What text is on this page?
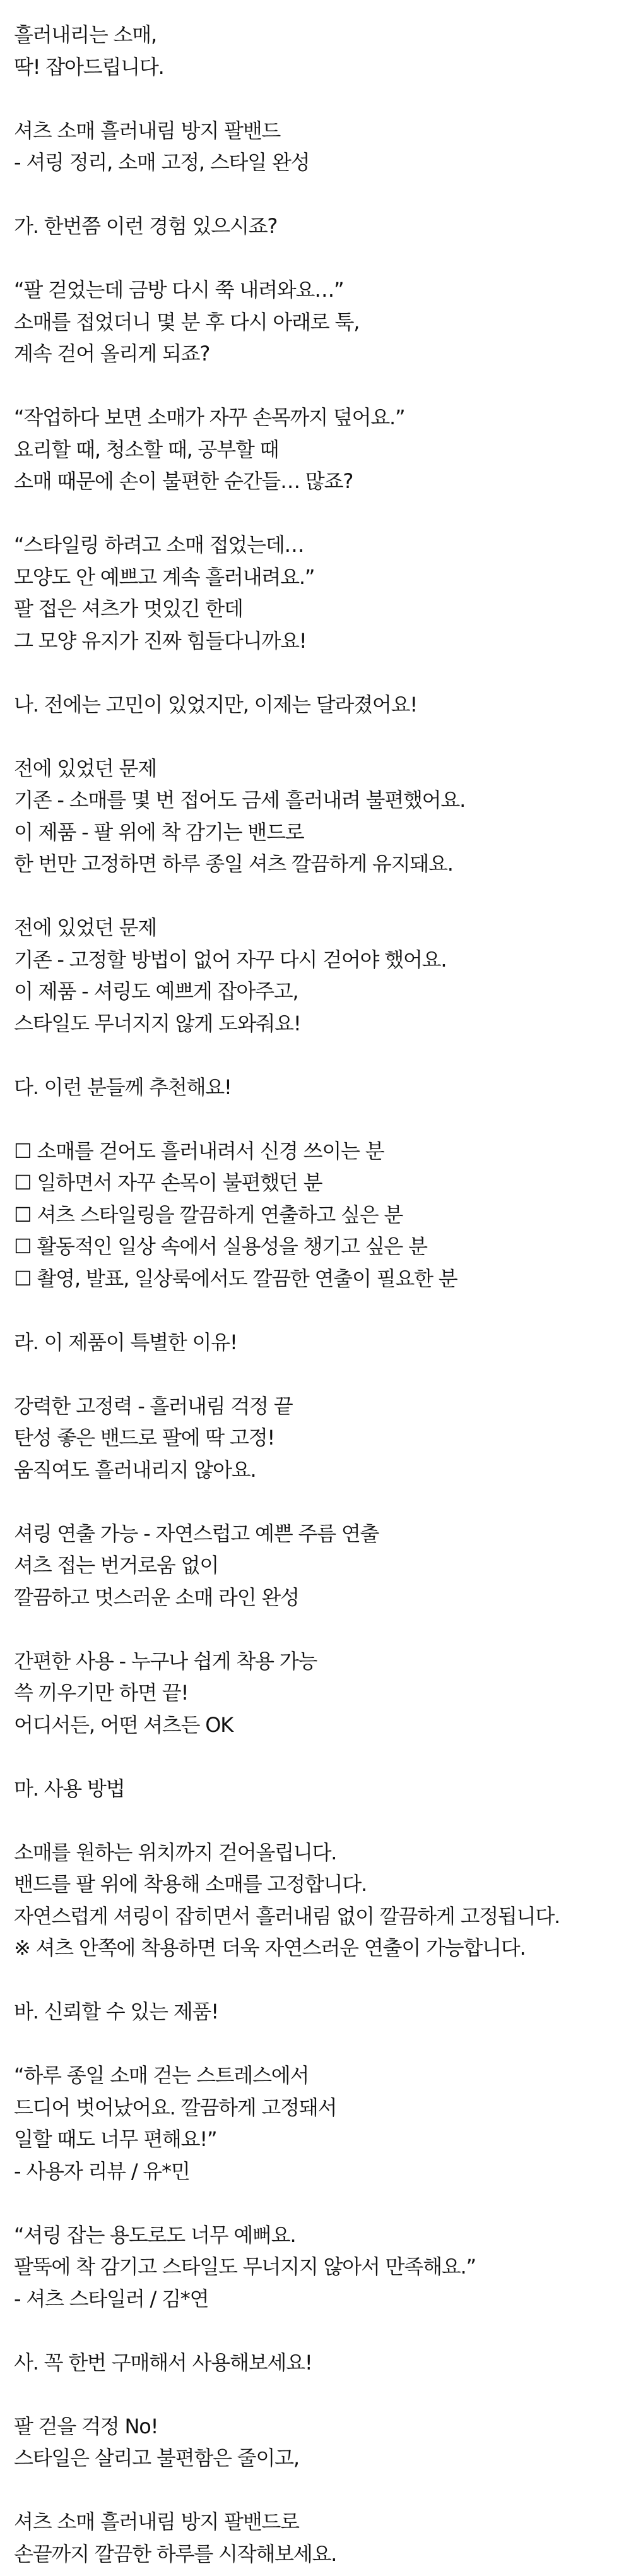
흘러내리는 소매,
딱! 잡아드립니다.
셔츠 소매 흘러내림 방지 팔밴드
- 셔링 정리, 소매 고정, 스타일 완성
가. 한번쯤 이런 경험 있으시죠?
“팔 걷었는데 금방 다시 쭉 내려와요…”
소매를 접었더니 몇 분 후 다시 아래로 툭,
계속 걷어 올리게 되죠?
“작업하다 보면 소매가 자꾸 손목까지 덮어요.”
요리할 때, 청소할 때, 공부할 때
소매 때문에 손이 불편한 순간들… 많죠?
“스타일링 하려고 소매 접었는데…
모양도 안 예쁘고 계속 흘러내려요.”
팔 접은 셔츠가 멋있긴 한데
그 모양 유지가 진짜 힘들다니까요!
나. 전에는 고민이 있었지만, 이제는 달라졌어요!
전에 있었던 문제
기존 - 소매를 몇 번 접어도 금세 흘러내려 불편했어요.
이 제품 - 팔 위에 착 감기는 밴드로
한 번만 고정하면 하루 종일 셔츠 깔끔하게 유지돼요.
전에 있었던 문제
기존 - 고정할 방법이 없어 자꾸 다시 걷어야 했어요.
이 제품 - 셔링도 예쁘게 잡아주고,
스타일도 무너지지 않게 도와줘요!
다. 이런 분들께 추천해요!
☐ 소매를 걷어도 흘러내려서 신경 쓰이는 분
☐ 일하면서 자꾸 손목이 불편했던 분
☐ 셔츠 스타일링을 깔끔하게 연출하고 싶은 분
☐ 활동적인 일상 속에서 실용성을 챙기고 싶은 분
☐ 촬영, 발표, 일상룩에서도 깔끔한 연출이 필요한 분
라. 이 제품이 특별한 이유!
강력한 고정력 - 흘러내림 걱정 끝
탄성 좋은 밴드로 팔에 딱 고정!
움직여도 흘러내리지 않아요.
셔링 연출 가능 - 자연스럽고 예쁜 주름 연출
셔츠 접는 번거로움 없이
깔끔하고 멋스러운 소매 라인 완성
간편한 사용 - 누구나 쉽게 착용 가능
쓱 끼우기만 하면 끝!
어디서든, 어떤 셔츠든 OK
마. 사용 방법
소매를 원하는 위치까지 걷어올립니다.
밴드를 팔 위에 착용해 소매를 고정합니다.
자연스럽게 셔링이 잡히면서 흘러내림 없이 깔끔하게 고정됩니다.
※ 셔츠 안쪽에 착용하면 더욱 자연스러운 연출이 가능합니다.
바. 신뢰할 수 있는 제품!
“하루 종일 소매 걷는 스트레스에서
드디어 벗어났어요. 깔끔하게 고정돼서
일할 때도 너무 편해요!”
- 사용자 리뷰 / 유*민
“셔링 잡는 용도로도 너무 예뻐요.
팔뚝에 착 감기고 스타일도 무너지지 않아서 만족해요.”
- 셔츠 스타일러 / 김*연
사. 꼭 한번 구매해서 사용해보세요!
팔 걷을 걱정 No!
스타일은 살리고 불편함은 줄이고,
셔츠 소매 흘러내림 방지 팔밴드로
손끝까지 깔끔한 하루를 시작해보세요.
